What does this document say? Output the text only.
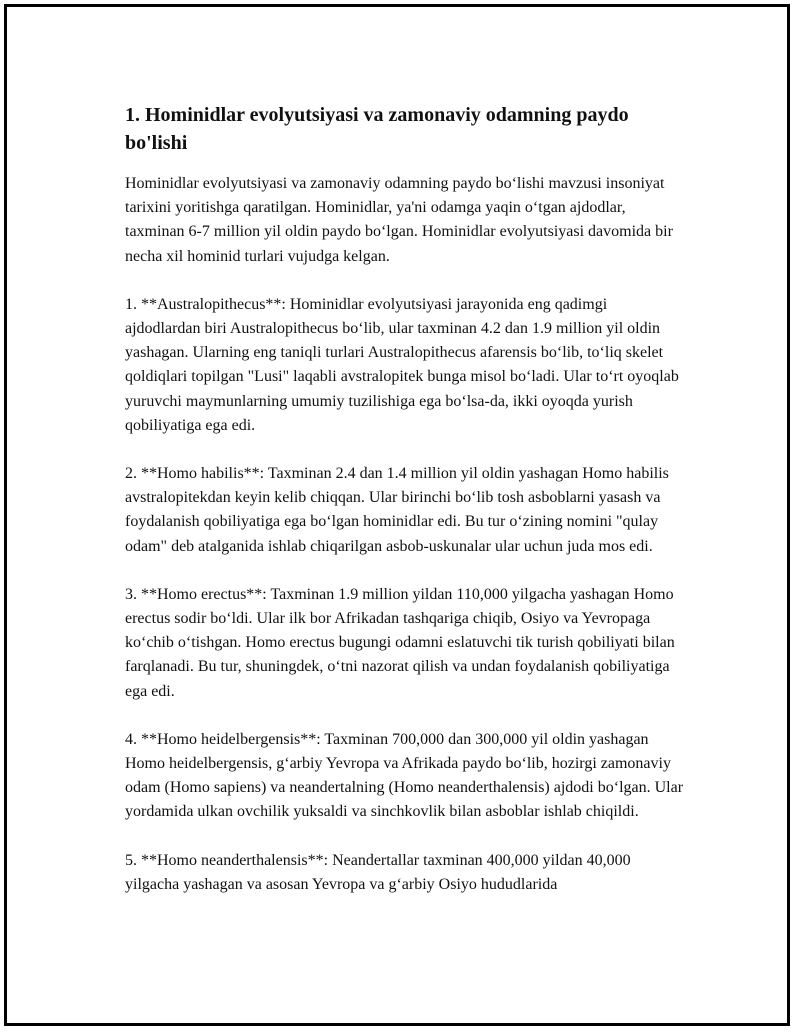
1. Hominidlar evolyutsiyasi va zamonaviy odamning paydo bo'lishi

Hominidlar evolyutsiyasi va zamonaviy odamning paydo bo‘lishi mavzusi insoniyat tarixini yoritishga qaratilgan. Hominidlar, ya'ni odamga yaqin o‘tgan ajdodlar, taxminan 6-7 million yil oldin paydo bo‘lgan. Hominidlar evolyutsiyasi davomida bir necha xil hominid turlari vujudga kelgan.

1. **Australopithecus**: Hominidlar evolyutsiyasi jarayonida eng qadimgi ajdodlardan biri Australopithecus bo‘lib, ular taxminan 4.2 dan 1.9 million yil oldin yashagan. Ularning eng taniqli turlari Australopithecus afarensis bo‘lib, to‘liq skelet qoldiqlari topilgan "Lusi" laqabli avstralopitek bunga misol bo‘ladi. Ular to‘rt oyoqlab yuruvchi maymunlarning umumiy tuzilishiga ega bo‘lsa-da, ikki oyoqda yurish qobiliyatiga ega edi.

2. **Homo habilis**: Taxminan 2.4 dan 1.4 million yil oldin yashagan Homo habilis avstralopitekdan keyin kelib chiqqan. Ular birinchi bo‘lib tosh asboblarni yasash va foydalanish qobiliyatiga ega bo‘lgan hominidlar edi. Bu tur o‘zining nomini "qulay odam" deb atalganida ishlab chiqarilgan asbob-uskunalar ular uchun juda mos edi.

3. **Homo erectus**: Taxminan 1.9 million yildan 110,000 yilgacha yashagan Homo erectus sodir bo‘ldi. Ular ilk bor Afrikadan tashqariga chiqib, Osiyo va Yevropaga ko‘chib o‘tishgan. Homo erectus bugungi odamni eslatuvchi tik turish qobiliyati bilan farqlanadi. Bu tur, shuningdek, o‘tni nazorat qilish va undan foydalanish qobiliyatiga ega edi.

4. **Homo heidelbergensis**: Taxminan 700,000 dan 300,000 yil oldin yashagan Homo heidelbergensis, g‘arbiy Yevropa va Afrikada paydo bo‘lib, hozirgi zamonaviy odam (Homo sapiens) va neandertalning (Homo neanderthalensis) ajdodi bo‘lgan. Ular yordamida ulkan ovchilik yuksaldi va sinchkovlik bilan asboblar ishlab chiqildi.

5. **Homo neanderthalensis**: Neandertallar taxminan 400,000 yildan 40,000 yilgacha yashagan va asosan Yevropa va g‘arbiy Osiyo hududlarida
